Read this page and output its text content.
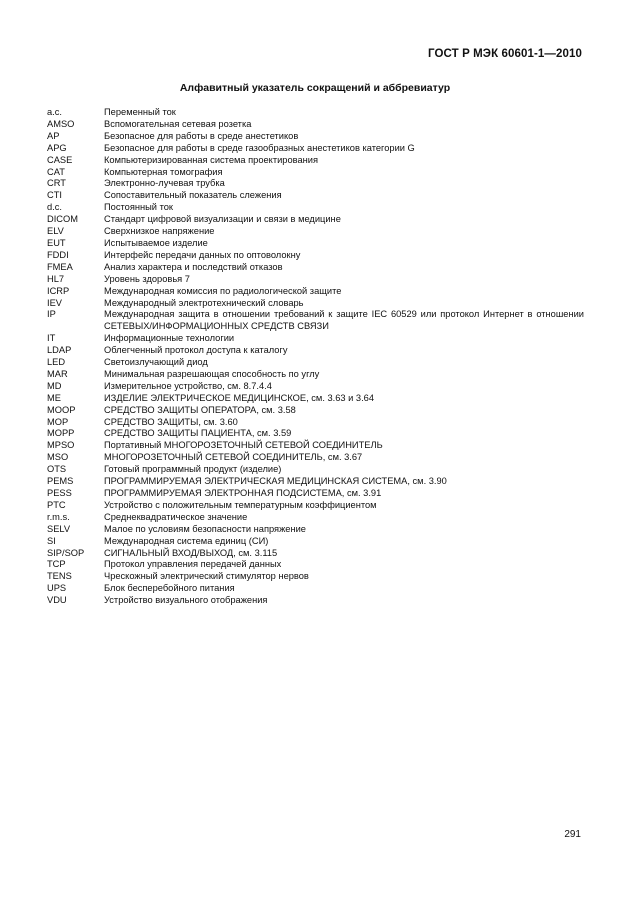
ГОСТ Р МЭК 60601-1—2010
Алфавитный указатель сокращений и аббревиатур
a.c.	Переменный ток
AMSO	Вспомогательная сетевая розетка
AP	Безопасное для работы в среде анестетиков
APG	Безопасное для работы в среде газообразных анестетиков категории G
CASE	Компьютеризированная система проектирования
CAT	Компьютерная томография
CRT	Электронно-лучевая трубка
CTI	Сопоставительный показатель слежения
d.c.	Постоянный ток
DICOM	Стандарт цифровой визуализации и связи в медицине
ELV	Сверхнизкое напряжение
EUT	Испытываемое изделие
FDDI	Интерфейс передачи данных по оптоволокну
FMEA	Анализ характера и последствий отказов
HL7	Уровень здоровья 7
ICRP	Международная комиссия по радиологической защите
IEV	Международный электротехнический словарь
IP	Международная защита в отношении требований к защите IEC 60529 или протокол Интернет в отношении СЕТЕВЫХ/ИНФОРМАЦИОННЫХ СРЕДСТВ СВЯЗИ
IT	Информационные технологии
LDAP	Облегченный протокол доступа к каталогу
LED	Светоизлучающий диод
MAR	Минимальная разрешающая способность по углу
MD	Измерительное устройство, см. 8.7.4.4
ME	ИЗДЕЛИЕ ЭЛЕКТРИЧЕСКОЕ МЕДИЦИНСКОЕ, см. 3.63 и 3.64
MOOP	СРЕДСТВО ЗАЩИТЫ ОПЕРАТОРА, см. 3.58
MOP	СРЕДСТВО ЗАЩИТЫ, см. 3.60
MOPP	СРЕДСТВО ЗАЩИТЫ ПАЦИЕНТА, см. 3.59
MPSO	Портативный МНОГОРОЗЕТОЧНЫЙ СЕТЕВОЙ СОЕДИНИТЕЛЬ
MSO	МНОГОРОЗЕТОЧНЫЙ СЕТЕВОЙ СОЕДИНИТЕЛЬ, см. 3.67
OTS	Готовый программный продукт (изделие)
PEMS	ПРОГРАММИРУЕМАЯ ЭЛЕКТРИЧЕСКАЯ МЕДИЦИНСКАЯ СИСТЕМА, см. 3.90
PESS	ПРОГРАММИРУЕМАЯ ЭЛЕКТРОННАЯ ПОДСИСТЕМА, см. 3.91
PTC	Устройство с положительным температурным коэффициентом
r.m.s.	Среднеквадратическое значение
SELV	Малое по условиям безопасности напряжение
SI	Международная система единиц (СИ)
SIP/SOP	СИГНАЛЬНЫЙ ВХОД/ВЫХОД, см. 3.115
TCP	Протокол управления передачей данных
TENS	Чрескожный электрический стимулятор нервов
UPS	Блок бесперебойного питания
VDU	Устройство визуального отображения
291
